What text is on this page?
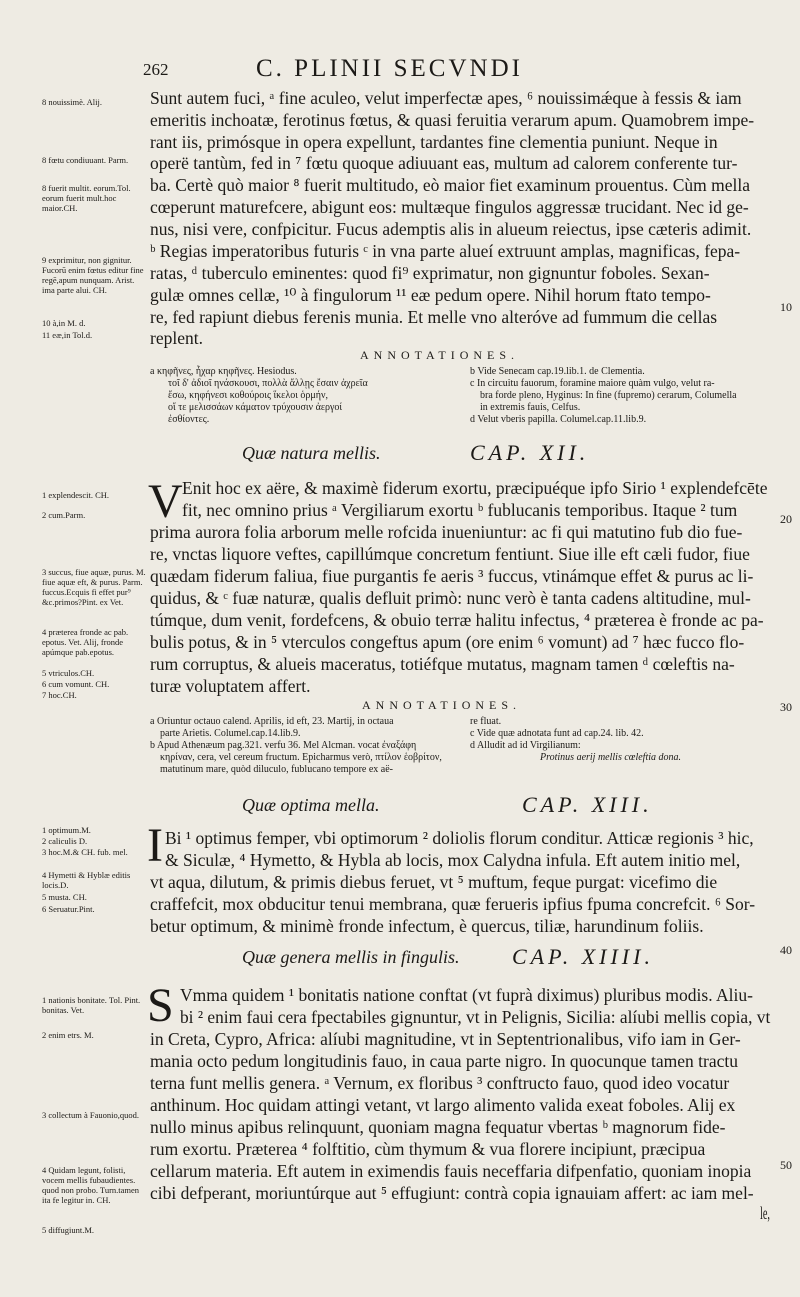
262	C. PLINII SECVNDI
8 nouissimè. Alij.
8 fœtu condiuuant. Parm.
8 fuerit multit. eorum.Tol. eorum fuerit mult.hoc maior.CH.
9 exprimitur, non gignitur. Fucorū enim fœtus editur fine regē,apum nunquam. Arist. ima parte alui. CH.
10 à,in M. d.
11 eæ,in Tol.d.
1 explendescit. CH.
2 cum.Parm.
3 succus, fiue aquæ, purus. M. fiue aquæ eft, & purus. Parm. fuccus.Ecquis fi effet pur⁹ &c.primos?Pint. ex Vet.
4 præterea fronde ac pab. epotus. Vet. Alij, fronde apúmque pab.epotus.
5 vtriculos.CH.
6 cum vomunt. CH.
7 hoc.CH.
1 optimum.M.
2 caliculis D.
3 hoc.M.& CH. fub. mel.
4 Hymetti & Hyblæ editis locis.D.
5 musta. CH.
6 Seruatur.Pint.
1 nationis bonitate. Tol. Pint. bonitas. Vet.
2 enim etrs. M.
3 collectum à Fauonio,quod.
4 Quidam legunt, folisti, vocem mellis fubaudientes. quod non probo. Turn.tamen ita fe legitur in. CH.
5 diffugiunt.M.
10
20
30
40
50
Sunt autem fuci, ᵃ fine aculeo, velut imperfectæ apes, ⁶ nouissimǽque à fessis & iam
emeritis inchoatæ, ferotinus fœtus, & quasi feruitia verarum apum. Quamobrem impe-
rant iis, primósque in opera expellunt, tardantes fine clementia puniunt. Neque in
operë tantùm, fed in ⁷ fœtu quoque adiuuant eas, multum ad calorem conferente tur-
ba. Certè quò maior ⁸ fuerit multitudo, eò maior fiet examinum prouentus. Cùm mella
cœperunt maturefcere, abigunt eos: multæque fingulos aggressæ trucidant. Nec id ge-
nus, nisi vere, confpicitur. Fucus ademptis alis in alueum reiectus, ipse cæteris adimit.
ᵇ Regias imperatoribus futuris ᶜ in vna parte alueí extruunt amplas, magnificas, fepa-
ratas, ᵈ tuberculo eminentes: quod fi⁹ exprimatur, non gignuntur foboles. Sexan-
gulæ omnes cellæ, ¹⁰ à fingulorum ¹¹ eæ pedum opere. Nihil horum ftato tempo-
re, fed rapiunt diebus ferenis munia. Et melle vno alteróve ad fummum die cellas
replent.
ANNOTATIONES.
a κηφῆνες, ἦχαρ κηφῆνες. Hesiodus.
τοῖ δ' ἀδιοῖ ηνάσκουσι, πολλὰ ἄλλῃς ἔσαιν ἀχρεῖα
ἔσω, κηφήνεσι κοθούροις ἵκελοι ὁρμήν,
οἵ τε μελισσάων κάματον τρύχουσιν ἀεργοί
ἐσθίοντες.
b Vide Senecam cap.19.lib.1. de Clementia.
c In circuitu fauorum, foramine maiore quàm vulgo, velut ra-
bra forde pleno, Hyginus: In fine (fupremo) cerarum, Columella
in extremis fauis, Celfus.
d Velut vberis papilla. Columel.cap.11.lib.9.
Quæ natura mellis.	CAP. XII.
V Enit hoc ex aëre, & maximè fiderum exortu, præcipuéque ipfo Sirio ¹ explendefcēte
fit, nec omnino prius ᵃ Vergiliarum exortu ᵇ fublucanis temporibus. Itaque ² tum
prima aurora folia arborum melle rofcida inueniuntur: ac fi qui matutino fub dio fue-
re, vnctas liquore veftes, capillúmque concretum fentiunt. Siue ille eft cæli fudor, fiue
quædam fiderum faliua, fiue purgantis fe aeris ³ fuccus, vtinámque effet & purus ac li-
quidus, & ᶜ fuæ naturæ, qualis defluit primò: nunc verò è tanta cadens altitudine, mul-
túmque, dum venit, fordefcens, & obuio terræ halitu infectus, ⁴ præterea è fronde ac pa-
bulis potus, & in ⁵ vterculos congeftus apum (ore enim ⁶ vomunt) ad ⁷ hæc fucco flo-
rum corruptus, & alueis maceratus, totiéfque mutatus, magnam tamen ᵈ cœleftis na-
turæ voluptatem affert.
ANNOTATIONES.
a Oriuntur octauo calend. Aprilis, id eft, 23. Martij, in octaua
parte Arietis. Columel.cap.14.lib.9.
b Apud Athenæum pag.321. verfu 36. Mel Alcman. vocat ἐναξάφη
κηρίναν, cera, vel cereum fructum. Epicharmus verò, πτίλον ἑοβρίτον,
matutinum mare, quòd diluculo, fublucano tempore ex aë-
re fluat.
c Vide quæ adnotata funt ad cap.24. lib. 42.
d Alludit ad id Virgilianum:
Protinus aerij mellis cœleftia dona.
Quæ optima mella.	CAP. XIII.
I Bi ¹ optimus femper, vbi optimorum ² doliolis florum conditur. Atticæ regionis ³ hic,
& Siculæ, ⁴ Hymetto, & Hybla ab locis, mox Calydna infula. Eft autem initio mel,
vt aqua, dilutum, & primis diebus feruet, vt ⁵ muftum, feque purgat: vicefimo die
craffefcit, mox obducitur tenui membrana, quæ ferueris ipfius fpuma concrefcit. ⁶ Sor-
betur optimum, & minimè fronde infectum, è quercus, tiliæ, harundinum foliis.
Quæ genera mellis in fingulis. CAP. XIIII.
S Vmma quidem ¹ bonitatis natione conftat (vt fuprà diximus) pluribus modis. Aliu-
bi ² enim faui cera fpectabiles gignuntur, vt in Pelignis, Sicilia: alíubi mellis copia, vt
in Creta, Cypro, Africa: alíubi magnitudine, vt in Septentrionalibus, vifo iam in Ger-
mania octo pedum longitudinis fauo, in caua parte nigro. In quocunque tamen tractu
terna funt mellis genera. ᵃ Vernum, ex floribus ³ conftructo fauo, quod ideo vocatur
anthinum. Hoc quidam attingi vetant, vt largo alimento valida exeat foboles. Alij ex
nullo minus apibus relinquunt, quoniam magna fequatur vbertas ᵇ magnorum fide-
rum exortu. Præterea ⁴ folftitio, cùm thymum & vua florere incipiunt, præcipua
cellarum materia. Eft autem in eximendis fauis neceffaria difpenfatio, quoniam inopia
cibi defperant, moriuntúrque aut ⁵ effugiunt: contrà copia ignauiam affert: ac iam mel-
le,
